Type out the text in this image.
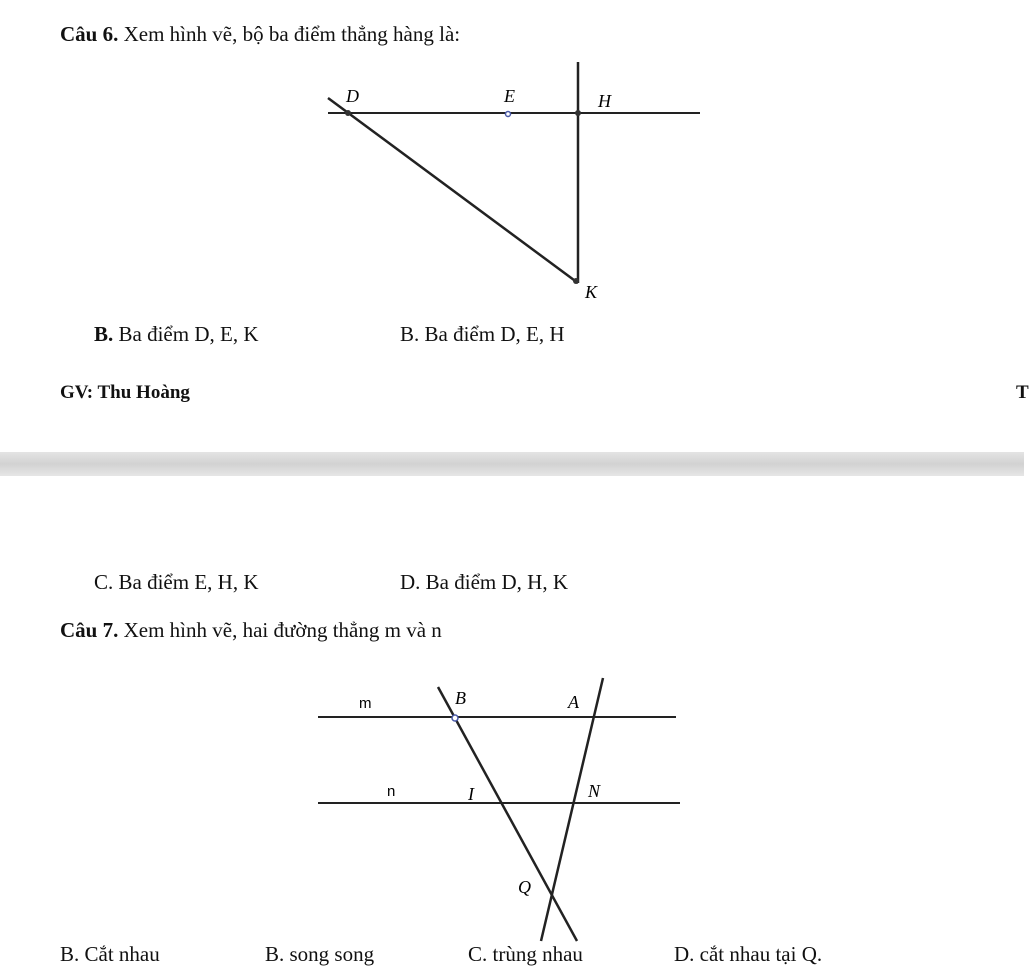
Câu 6. Xem hình vẽ, bộ ba điểm thẳng hàng là:
D	E	H
K
B. Ba điểm D, E, K	B. Ba điểm D, E, H
GV: Thu Hoàng	T
C. Ba điểm E, H, K	D. Ba điểm D, H, K
Câu 7. Xem hình vẽ, hai đường thẳng m và n
m
n
B	A
I	N
Q
B. Cắt nhau	B. song song	C. trùng nhau	D. cắt nhau tại Q.
